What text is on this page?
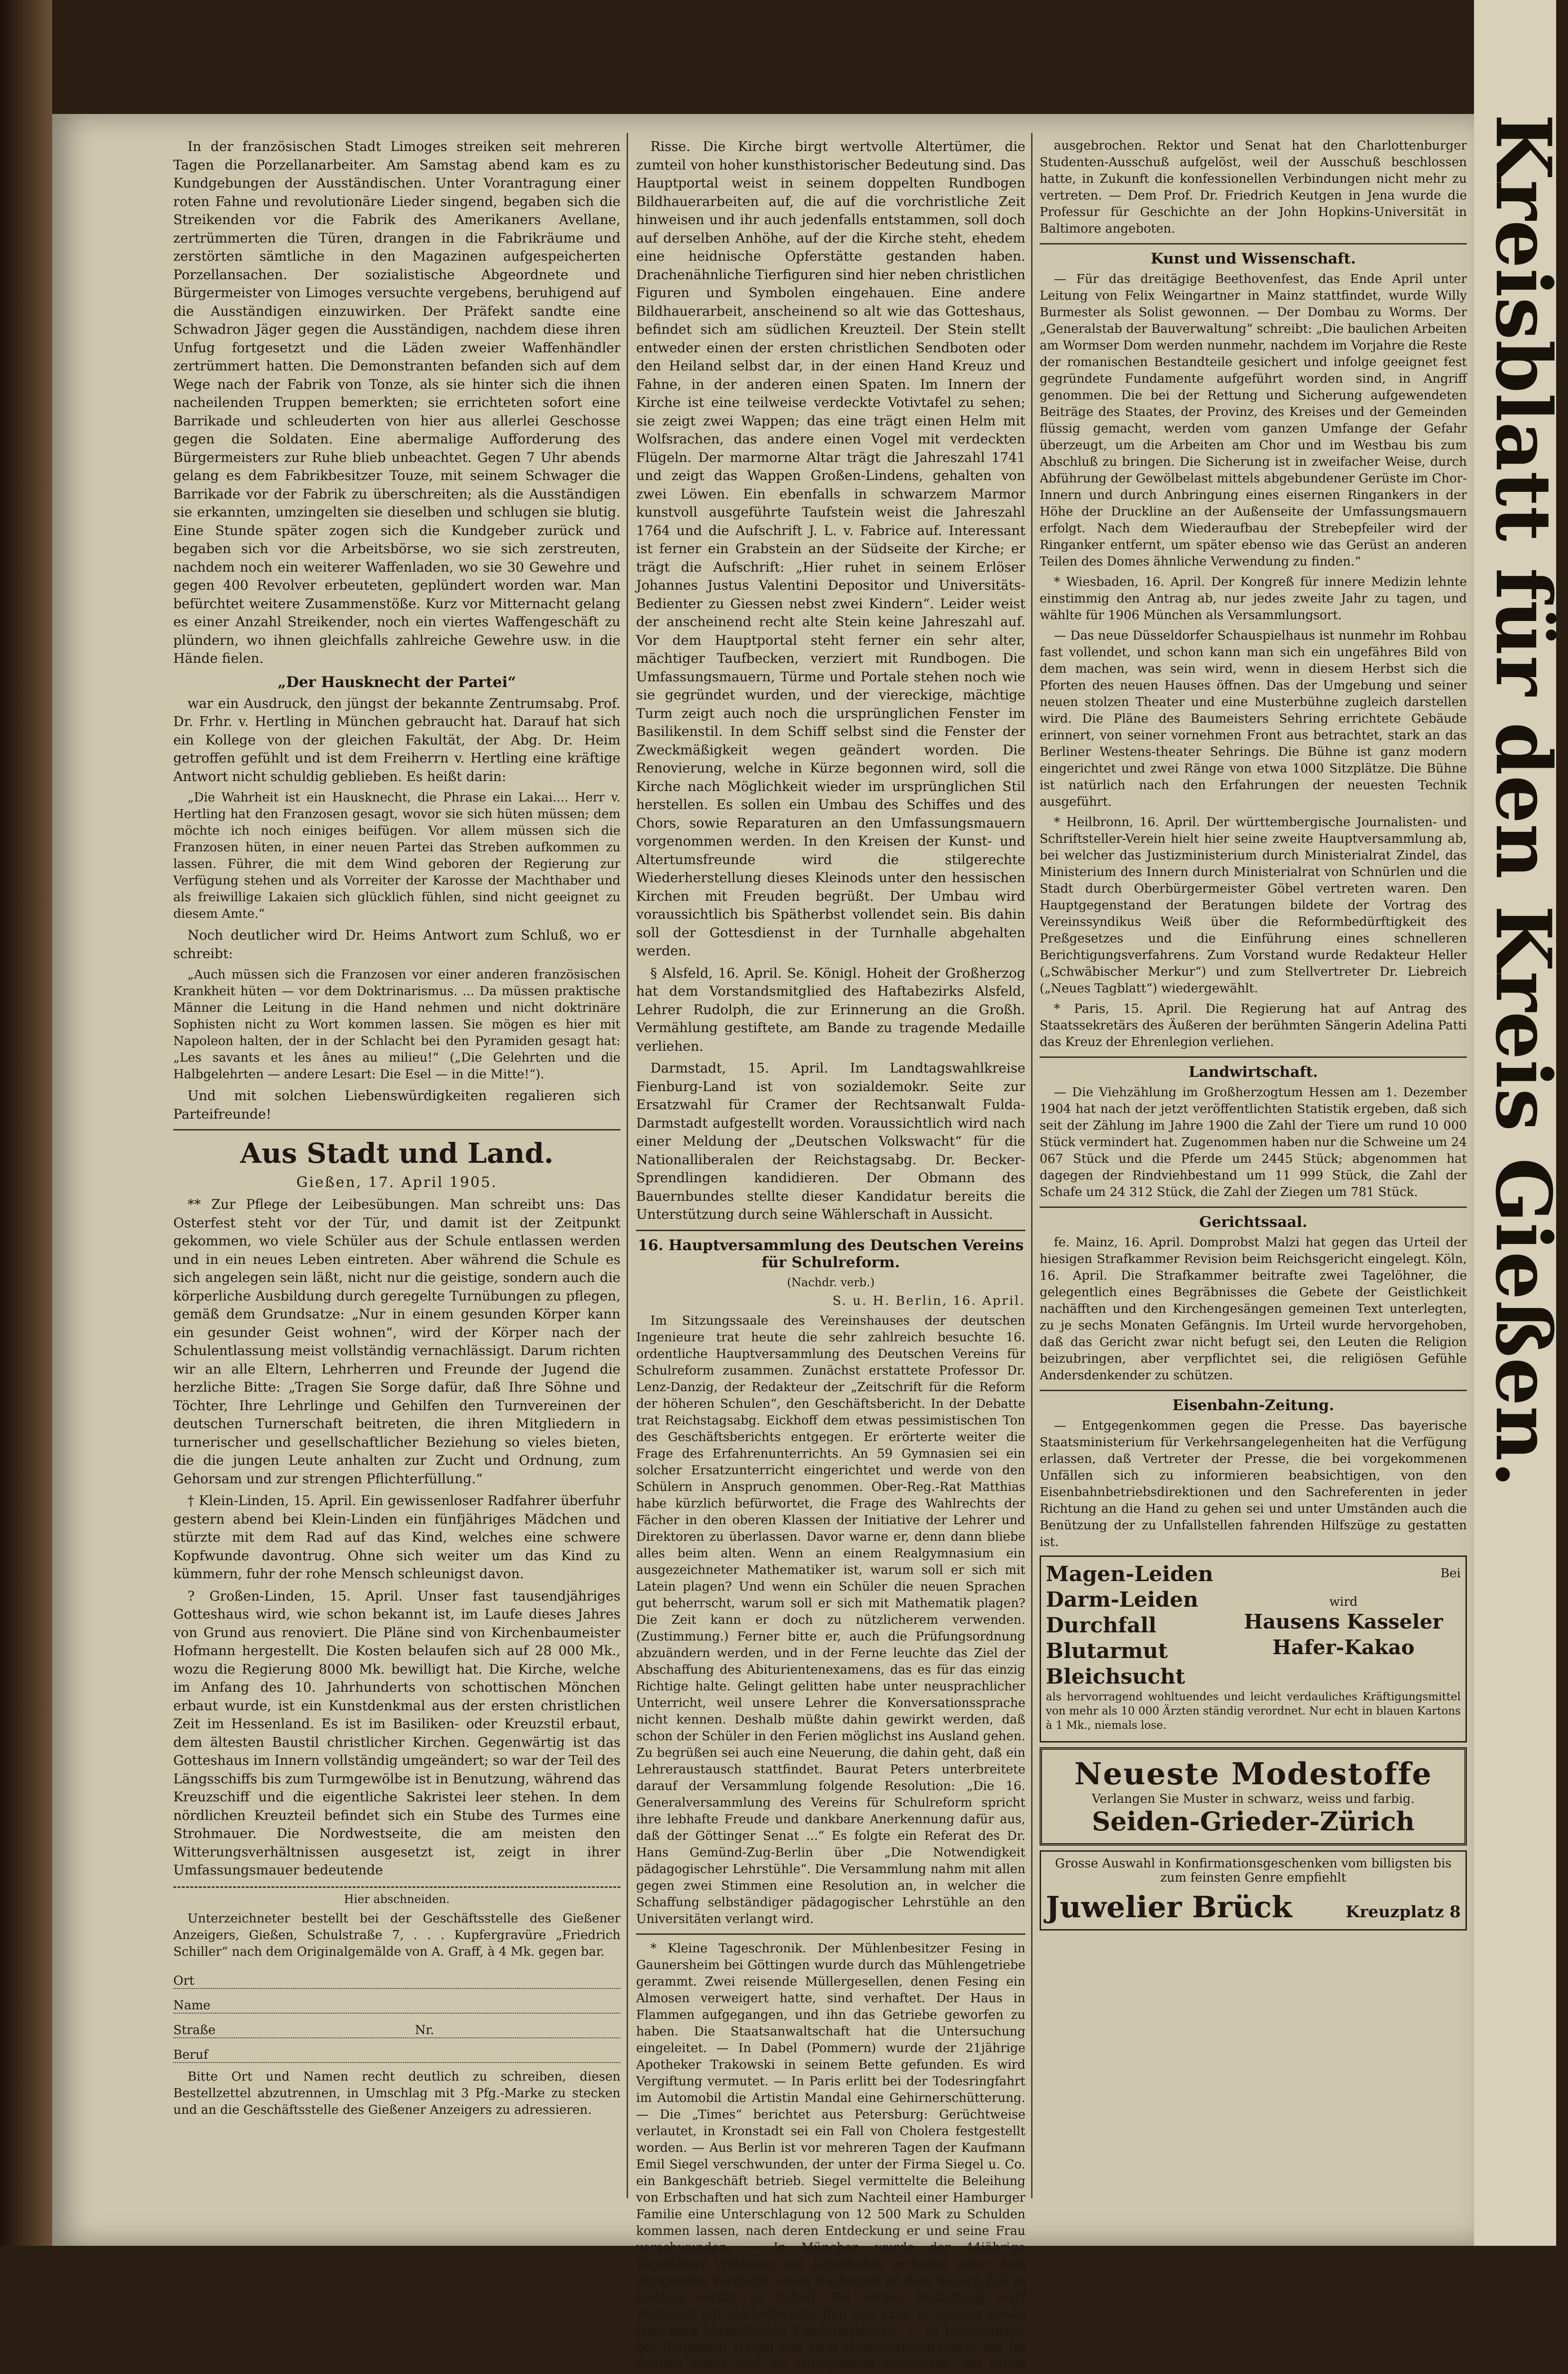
In der französischen Stadt Limoges streiken seit mehreren Tagen die Porzellanarbeiter. Am Samstag abend kam es zu Kundgebungen der Ausständischen. Unter Vorantragung einer roten Fahne und revolutionäre Lieder singend, begaben sich die Streikenden vor die Fabrik des Amerikaners Avellane, zertrümmerten die Türen, drangen in die Fabrikräume und zerstörten sämtliche in den Magazinen aufgespeicherten Porzellansachen. Der sozialistische Abgeordnete und Bürgermeister von Limoges versuchte vergebens, beruhigend auf die Ausständigen einzuwirken. Der Präfekt sandte eine Schwadron Jäger gegen die Ausständigen, nachdem diese ihren Unfug fortgesetzt und die Läden zweier Waffenhändler zertrümmert hatten. Die Demonstranten befanden sich auf dem Wege nach der Fabrik von Tonze, als sie hinter sich die ihnen nacheilenden Truppen bemerkten; sie errichteten sofort eine Barrikade und schleuderten von hier aus allerlei Geschosse gegen die Soldaten. Eine abermalige Aufforderung des Bürgermeisters zur Ruhe blieb unbeachtet. Gegen 7 Uhr abends gelang es dem Fabrikbesitzer Touze, mit seinem Schwager die Barrikade vor der Fabrik zu überschreiten; als die Ausständigen sie erkannten, umzingelten sie dieselben und schlugen sie blutig. Eine Stunde später zogen sich die Kundgeber zurück und begaben sich vor die Arbeitsbörse, wo sie sich zerstreuten, nachdem noch ein weiterer Waffenladen, wo sie 30 Gewehre und gegen 400 Revolver erbeuteten, geplündert worden war. Man befürchtet weitere Zusammenstöße. Kurz vor Mitternacht gelang es einer Anzahl Streikender, noch ein viertes Waffengeschäft zu plündern, wo ihnen gleichfalls zahlreiche Gewehre usw. in die Hände fielen.

„Der Hausknecht der Partei“

war ein Ausdruck, den jüngst der bekannte Zentrumsabg. Prof. Dr. Frhr. v. Hertling in München gebraucht hat. Darauf hat sich ein Kollege von der gleichen Fakultät, der Abg. Dr. Heim getroffen gefühlt und ist dem Freiherrn v. Hertling eine kräftige Antwort nicht schuldig geblieben. Es heißt darin:

„Die Wahrheit ist ein Hausknecht, die Phrase ein Lakai.... Herr v. Hertling hat den Franzosen gesagt, wovor sie sich hüten müssen; dem möchte ich noch einiges beifügen. Vor allem müssen sich die Franzosen hüten, in einer neuen Partei das Streben aufkommen zu lassen. Führer, die mit dem Wind geboren der Regierung zur Verfügung stehen und als Vorreiter der Karosse der Machthaber und als freiwillige Lakaien sich glücklich fühlen, sind nicht geeignet zu diesem Amte.“

Noch deutlicher wird Dr. Heims Antwort zum Schluß, wo er schreibt:

„Auch müssen sich die Franzosen vor einer anderen französischen Krankheit hüten — vor dem Doktrinarismus. ... Da müssen praktische Männer die Leitung in die Hand nehmen und nicht doktrinäre Sophisten nicht zu Wort kommen lassen. Sie mögen es hier mit Napoleon halten, der in der Schlacht bei den Pyramiden gesagt hat: „Les savants et les ânes au milieu!“ („Die Gelehrten und die Halbgelehrten — andere Lesart: Die Esel — in die Mitte!“).

Und mit solchen Liebenswürdigkeiten regalieren sich Parteifreunde!

Aus Stadt und Land.
Gießen, 17. April 1905.

** Zur Pflege der Leibesübungen. Man schreibt uns: Das Osterfest steht vor der Tür, und damit ist der Zeitpunkt gekommen, wo viele Schüler aus der Schule entlassen werden und in ein neues Leben eintreten. Aber während die Schule es sich angelegen sein läßt, nicht nur die geistige, sondern auch die körperliche Ausbildung durch geregelte Turnübungen zu pflegen, gemäß dem Grundsatze: „Nur in einem gesunden Körper kann ein gesunder Geist wohnen“, wird der Körper nach der Schulentlassung meist vollständig vernachlässigt. Darum richten wir an alle Eltern, Lehrherren und Freunde der Jugend die herzliche Bitte: „Tragen Sie Sorge dafür, daß Ihre Söhne und Töchter, Ihre Lehrlinge und Gehilfen den Turnvereinen der deutschen Turnerschaft beitreten, die ihren Mitgliedern in turnerischer und gesellschaftlicher Beziehung so vieles bieten, die die jungen Leute anhalten zur Zucht und Ordnung, zum Gehorsam und zur strengen Pflichterfüllung.“

† Klein-Linden, 15. April. Ein gewissenloser Radfahrer überfuhr gestern abend bei Klein-Linden ein fünfjähriges Mädchen und stürzte mit dem Rad auf das Kind, welches eine schwere Kopfwunde davontrug. Ohne sich weiter um das Kind zu kümmern, fuhr der rohe Mensch schleunigst davon.

? Großen-Linden, 15. April. Unser fast tausendjähriges Gotteshaus wird, wie schon bekannt ist, im Laufe dieses Jahres von Grund aus renoviert. Die Pläne sind von Kirchenbaumeister Hofmann hergestellt. Die Kosten belaufen sich auf 28 000 Mk., wozu die Regierung 8000 Mk. bewilligt hat. Die Kirche, welche im Anfang des 10. Jahrhunderts von schottischen Mönchen erbaut wurde, ist ein Kunstdenkmal aus der ersten christlichen Zeit im Hessenland. Es ist im Basiliken- oder Kreuzstil erbaut, dem ältesten Baustil christlicher Kirchen. Gegenwärtig ist das Gotteshaus im Innern vollständig umgeändert; so war der Teil des Längsschiffs bis zum Turmgewölbe ist in Benutzung, während das Kreuzschiff und die eigentliche Sakristei leer stehen. In dem nördlichen Kreuzteil befindet sich ein Stube des Turmes eine Strohmauer. Die Nordwestseite, die am meisten den Witterungsverhältnissen ausgesetzt ist, zeigt in ihrer Umfassungsmauer bedeutende

Hier abschneiden.

Unterzeichneter bestellt bei der Geschäftsstelle des Gießener Anzeigers, Gießen, Schulstraße 7, . . . Kupfergravüre „Friedrich Schiller“ nach dem Originalgemälde von A. Graff, à 4 Mk. gegen bar.

Ort
Name
Straße	Nr.
Beruf

Bitte Ort und Namen recht deutlich zu schreiben, diesen Bestellzettel abzutrennen, in Umschlag mit 3 Pfg.-Marke zu stecken und an die Geschäftsstelle des Gießener Anzeigers zu adressieren.

Risse. Die Kirche birgt wertvolle Altertümer, die zumteil von hoher kunsthistorischer Bedeutung sind. Das Hauptportal weist in seinem doppelten Rundbogen Bildhauerarbeiten auf, die auf die vorchristliche Zeit hinweisen und ihr auch jedenfalls entstammen, soll doch auf derselben Anhöhe, auf der die Kirche steht, ehedem eine heidnische Opferstätte gestanden haben. Drachenähnliche Tierfiguren sind hier neben christlichen Figuren und Symbolen eingehauen. Eine andere Bildhauerarbeit, anscheinend so alt wie das Gotteshaus, befindet sich am südlichen Kreuzteil. Der Stein stellt entweder einen der ersten christlichen Sendboten oder den Heiland selbst dar, in der einen Hand Kreuz und Fahne, in der anderen einen Spaten. Im Innern der Kirche ist eine teilweise verdeckte Votivtafel zu sehen; sie zeigt zwei Wappen; das eine trägt einen Helm mit Wolfsrachen, das andere einen Vogel mit verdeckten Flügeln. Der marmorne Altar trägt die Jahreszahl 1741 und zeigt das Wappen Großen-Lindens, gehalten von zwei Löwen. Ein ebenfalls in schwarzem Marmor kunstvoll ausgeführte Taufstein weist die Jahreszahl 1764 und die Aufschrift J. L. v. Fabrice auf. Interessant ist ferner ein Grabstein an der Südseite der Kirche; er trägt die Aufschrift: „Hier ruhet in seinem Erlöser Johannes Justus Valentini Depositor und Universitäts-Bedienter zu Giessen nebst zwei Kindern“. Leider weist der anscheinend recht alte Stein keine Jahreszahl auf. Vor dem Hauptportal steht ferner ein sehr alter, mächtiger Taufbecken, verziert mit Rundbogen. Die Umfassungsmauern, Türme und Portale stehen noch wie sie gegründet wurden, und der viereckige, mächtige Turm zeigt auch noch die ursprünglichen Fenster im Basilikenstil. In dem Schiff selbst sind die Fenster der Zweckmäßigkeit wegen geändert worden. Die Renovierung, welche in Kürze begonnen wird, soll die Kirche nach Möglichkeit wieder im ursprünglichen Stil herstellen. Es sollen ein Umbau des Schiffes und des Chors, sowie Reparaturen an den Umfassungsmauern vorgenommen werden. In den Kreisen der Kunst- und Altertumsfreunde wird die stilgerechte Wiederherstellung dieses Kleinods unter den hessischen Kirchen mit Freuden begrüßt. Der Umbau wird voraussichtlich bis Spätherbst vollendet sein. Bis dahin soll der Gottesdienst in der Turnhalle abgehalten werden.

§ Alsfeld, 16. April. Se. Königl. Hoheit der Großherzog hat dem Vorstandsmitglied des Haftabezirks Alsfeld, Lehrer Rudolph, die zur Erinnerung an die Großh. Vermählung gestiftete, am Bande zu tragende Medaille verliehen.

Darmstadt, 15. April. Im Landtagswahlkreise Fienburg-Land ist von sozialdemokr. Seite zur Ersatzwahl für Cramer der Rechtsanwalt Fulda-Darmstadt aufgestellt worden. Voraussichtlich wird nach einer Meldung der „Deutschen Volkswacht“ für die Nationalliberalen der Reichstagsabg. Dr. Becker-Sprendlingen kandidieren. Der Obmann des Bauernbundes stellte dieser Kandidatur bereits die Unterstützung durch seine Wählerschaft in Aussicht.

16. Hauptversammlung des Deutschen Vereins für Schulreform.
(Nachdr. verb.)
S. u. H. Berlin, 16. April.

Im Sitzungssaale des Vereinshauses der deutschen Ingenieure trat heute die sehr zahlreich besuchte 16. ordentliche Hauptversammlung des Deutschen Vereins für Schulreform zusammen. Zunächst erstattete Professor Dr. Lenz-Danzig, der Redakteur der „Zeitschrift für die Reform der höheren Schulen“, den Geschäftsbericht. In der Debatte trat Reichstagsabg. Eickhoff dem etwas pessimistischen Ton des Geschäftsberichts entgegen. Er erörterte weiter die Frage des Erfahrenunterrichts. An 59 Gymnasien sei ein solcher Ersatzunterricht eingerichtet und werde von den Schülern in Anspruch genommen. Ober-Reg.-Rat Matthias habe kürzlich befürwortet, die Frage des Wahlrechts der Fächer in den oberen Klassen der Initiative der Lehrer und Direktoren zu überlassen. Davor warne er, denn dann bliebe alles beim alten. Wenn an einem Realgymnasium ein ausgezeichneter Mathematiker ist, warum soll er sich mit Latein plagen? Und wenn ein Schüler die neuen Sprachen gut beherrscht, warum soll er sich mit Mathematik plagen? Die Zeit kann er doch zu nützlicherem verwenden. (Zustimmung.) Ferner bitte er, auch die Prüfungsordnung abzuändern werden, und in der Ferne leuchte das Ziel der Abschaffung des Abiturientenexamens, das es für das einzig Richtige halte. Gelingt gelitten habe unter neusprachlicher Unterricht, weil unsere Lehrer die Konversationssprache nicht kennen. Deshalb müßte dahin gewirkt werden, daß schon der Schüler in den Ferien möglichst ins Ausland gehen. Zu begrüßen sei auch eine Neuerung, die dahin geht, daß ein Lehreraustausch stattfindet. Baurat Peters unterbreitete darauf der Versammlung folgende Resolution: „Die 16. Generalversammlung des Vereins für Schulreform spricht ihre lebhafte Freude und dankbare Anerkennung dafür aus, daß der Göttinger Senat ...“ Es folgte ein Referat des Dr. Hans Gemünd-Zug-Berlin über „Die Notwendigkeit pädagogischer Lehrstühle“. Die Versammlung nahm mit allen gegen zwei Stimmen eine Resolution an, in welcher die Schaffung selbständiger pädagogischer Lehrstühle an den Universitäten verlangt wird.

* Kleine Tageschronik. Der Mühlenbesitzer Fesing in Gaunersheim bei Göttingen wurde durch das Mühlengetriebe gerammt. Zwei reisende Müllergesellen, denen Fesing ein Almosen verweigert hatte, sind verhaftet. Der Haus in Flammen aufgegangen, und ihn das Getriebe geworfen zu haben. Die Staatsanwaltschaft hat die Untersuchung eingeleitet. — In Dabel (Pommern) wurde der 21jährige Apotheker Trakowski in seinem Bette gefunden. Es wird Vergiftung vermutet. — In Paris erlitt bei der Todesringfahrt im Automobil die Artistin Mandal eine Gehirnerschütterung. — Die „Times“ berichtet aus Petersburg: Gerüchtweise verlautet, in Kronstadt sei ein Fall von Cholera festgestellt worden. — Aus Berlin ist vor mehreren Tagen der Kaufmann Emil Siegel verschwunden, der unter der Firma Siegel u. Co. ein Bankgeschäft betrieb. Siegel vermittelte die Beleihung von Erbschaften und hat sich zum Nachteil einer Hamburger Familie eine Unterschlagung von 12 500 Mark zu Schulden kommen lassen, nach deren Entdeckung er und seine Frau verschwunden. — In München wurde der 44jährige Tagelöhner Widmann aus Jagenhofen verhaftet unter dem dringenden Verdacht, einen Raubmord an dem Bauern Zak in Dachau verübt zu haben. Bei seiner Verhaftung warf Widmann ein blutbeflecktes Beil von sich. In seinem Besitz fand man blutbefleckte Kleidungsstücke. — In Langendreer bei Bergmann Hache von zwei Handwerksburschen, die im Graben saßen und ihr Mittagsmahl verzehrten, ein Stück

ausgebrochen. Rektor und Senat hat den Charlottenburger Studenten-Ausschuß aufgelöst, weil der Ausschuß beschlossen hatte, in Zukunft die konfessionellen Verbindungen nicht mehr zu vertreten. — Dem Prof. Dr. Friedrich Keutgen in Jena wurde die Professur für Geschichte an der John Hopkins-Universität in Baltimore angeboten.

Kunst und Wissenschaft.

— Für das dreitägige Beethovenfest, das Ende April unter Leitung von Felix Weingartner in Mainz stattfindet, wurde Willy Burmester als Solist gewonnen. — Der Dombau zu Worms. Der „Generalstab der Bauverwaltung“ schreibt: „Die baulichen Arbeiten am Wormser Dom werden nunmehr, nachdem im Vorjahre die Reste der romanischen Bestandteile gesichert und infolge geeignet fest gegründete Fundamente aufgeführt worden sind, in Angriff genommen. Die bei der Rettung und Sicherung aufgewendeten Beiträge des Staates, der Provinz, des Kreises und der Gemeinden flüssig gemacht, werden vom ganzen Umfange der Gefahr überzeugt, um die Arbeiten am Chor und im Westbau bis zum Abschluß zu bringen. Die Sicherung ist in zweifacher Weise, durch Abführung der Gewölbelast mittels abgebundener Gerüste im Chor-Innern und durch Anbringung eines eisernen Ringankers in der Höhe der Druckline an der Außenseite der Umfassungsmauern erfolgt. Nach dem Wiederaufbau der Strebepfeiler wird der Ringanker entfernt, um später ebenso wie das Gerüst an anderen Teilen des Domes ähnliche Verwendung zu finden.“

* Wiesbaden, 16. April. Der Kongreß für innere Medizin lehnte einstimmig den Antrag ab, nur jedes zweite Jahr zu tagen, und wählte für 1906 München als Versammlungsort.

— Das neue Düsseldorfer Schauspielhaus ist nunmehr im Rohbau fast vollendet, und schon kann man sich ein ungefähres Bild von dem machen, was sein wird, wenn in diesem Herbst sich die Pforten des neuen Hauses öffnen. Das der Umgebung und seiner neuen stolzen Theater und eine Musterbühne zugleich darstellen wird. Die Pläne des Baumeisters Sehring errichtete Gebäude erinnert, von seiner vornehmen Front aus betrachtet, stark an das Berliner Westens-theater Sehrings. Die Bühne ist ganz modern eingerichtet und zwei Ränge von etwa 1000 Sitzplätze. Die Bühne ist natürlich nach den Erfahrungen der neuesten Technik ausgeführt.

* Heilbronn, 16. April. Der württembergische Journalisten- und Schriftsteller-Verein hielt hier seine zweite Hauptversammlung ab, bei welcher das Justizministerium durch Ministerialrat Zindel, das Ministerium des Innern durch Ministerialrat von Schnürlen und die Stadt durch Oberbürgermeister Göbel vertreten waren. Den Hauptgegenstand der Beratungen bildete der Vortrag des Vereinssyndikus Weiß über die Reformbedürftigkeit des Preßgesetzes und die Einführung eines schnelleren Berichtigungsverfahrens. Zum Vorstand wurde Redakteur Heller („Schwäbischer Merkur“) und zum Stellvertreter Dr. Liebreich („Neues Tagblatt“) wiedergewählt.

* Paris, 15. April. Die Regierung hat auf Antrag des Staatssekretärs des Äußeren der berühmten Sängerin Adelina Patti das Kreuz der Ehrenlegion verliehen.

Landwirtschaft.

— Die Viehzählung im Großherzogtum Hessen am 1. Dezember 1904 hat nach der jetzt veröffentlichten Statistik ergeben, daß sich seit der Zählung im Jahre 1900 die Zahl der Tiere um rund 10 000 Stück vermindert hat. Zugenommen haben nur die Schweine um 24 067 Stück und die Pferde um 2445 Stück; abgenommen hat dagegen der Rindviehbestand um 11 999 Stück, die Zahl der Schafe um 24 312 Stück, die Zahl der Ziegen um 781 Stück.

Gerichtssaal.

fe. Mainz, 16. April. Domprobst Malzi hat gegen das Urteil der hiesigen Strafkammer Revision beim Reichsgericht eingelegt. Köln, 16. April. Die Strafkammer beitrafte zwei Tagelöhner, die gelegentlich eines Begräbnisses die Gebete der Geistlichkeit nachäfften und den Kirchengesängen gemeinen Text unterlegten, zu je sechs Monaten Gefängnis. Im Urteil wurde hervorgehoben, daß das Gericht zwar nicht befugt sei, den Leuten die Religion beizubringen, aber verpflichtet sei, die religiösen Gefühle Andersdenkender zu schützen.

Eisenbahn-Zeitung.

— Entgegenkommen gegen die Presse. Das bayerische Staatsministerium für Verkehrsangelegenheiten hat die Verfügung erlassen, daß Vertreter der Presse, die bei vorgekommenen Unfällen sich zu informieren beabsichtigen, von den Eisenbahnbetriebsdirektionen und den Sachreferenten in jeder Richtung an die Hand zu gehen sei und unter Umständen auch die Benützung der zu Unfallstellen fahrenden Hilfszüge zu gestatten ist.

Magen-Leiden
Darm-Leiden
Durchfall
Blutarmut
Bleichsucht
Bei
wird
Hausens Kasseler
Hafer-Kakao

als hervorragend wohltuendes und leicht verdauliches Kräftigungsmittel von mehr als 10 000 Ärzten ständig verordnet. Nur echt in blauen Kartons à 1 Mk., niemals lose.

Neueste Modestoffe
Verlangen Sie Muster in schwarz, weiss und farbig.
Seiden-Grieder-Zürich
Grosse Auswahl in Konfirmationsgeschenken vom billigsten bis zum feinsten Genre empfiehlt
Juwelier Brück	Kreuzplatz 8
Kreisblatt für den Kreis Gießen.
